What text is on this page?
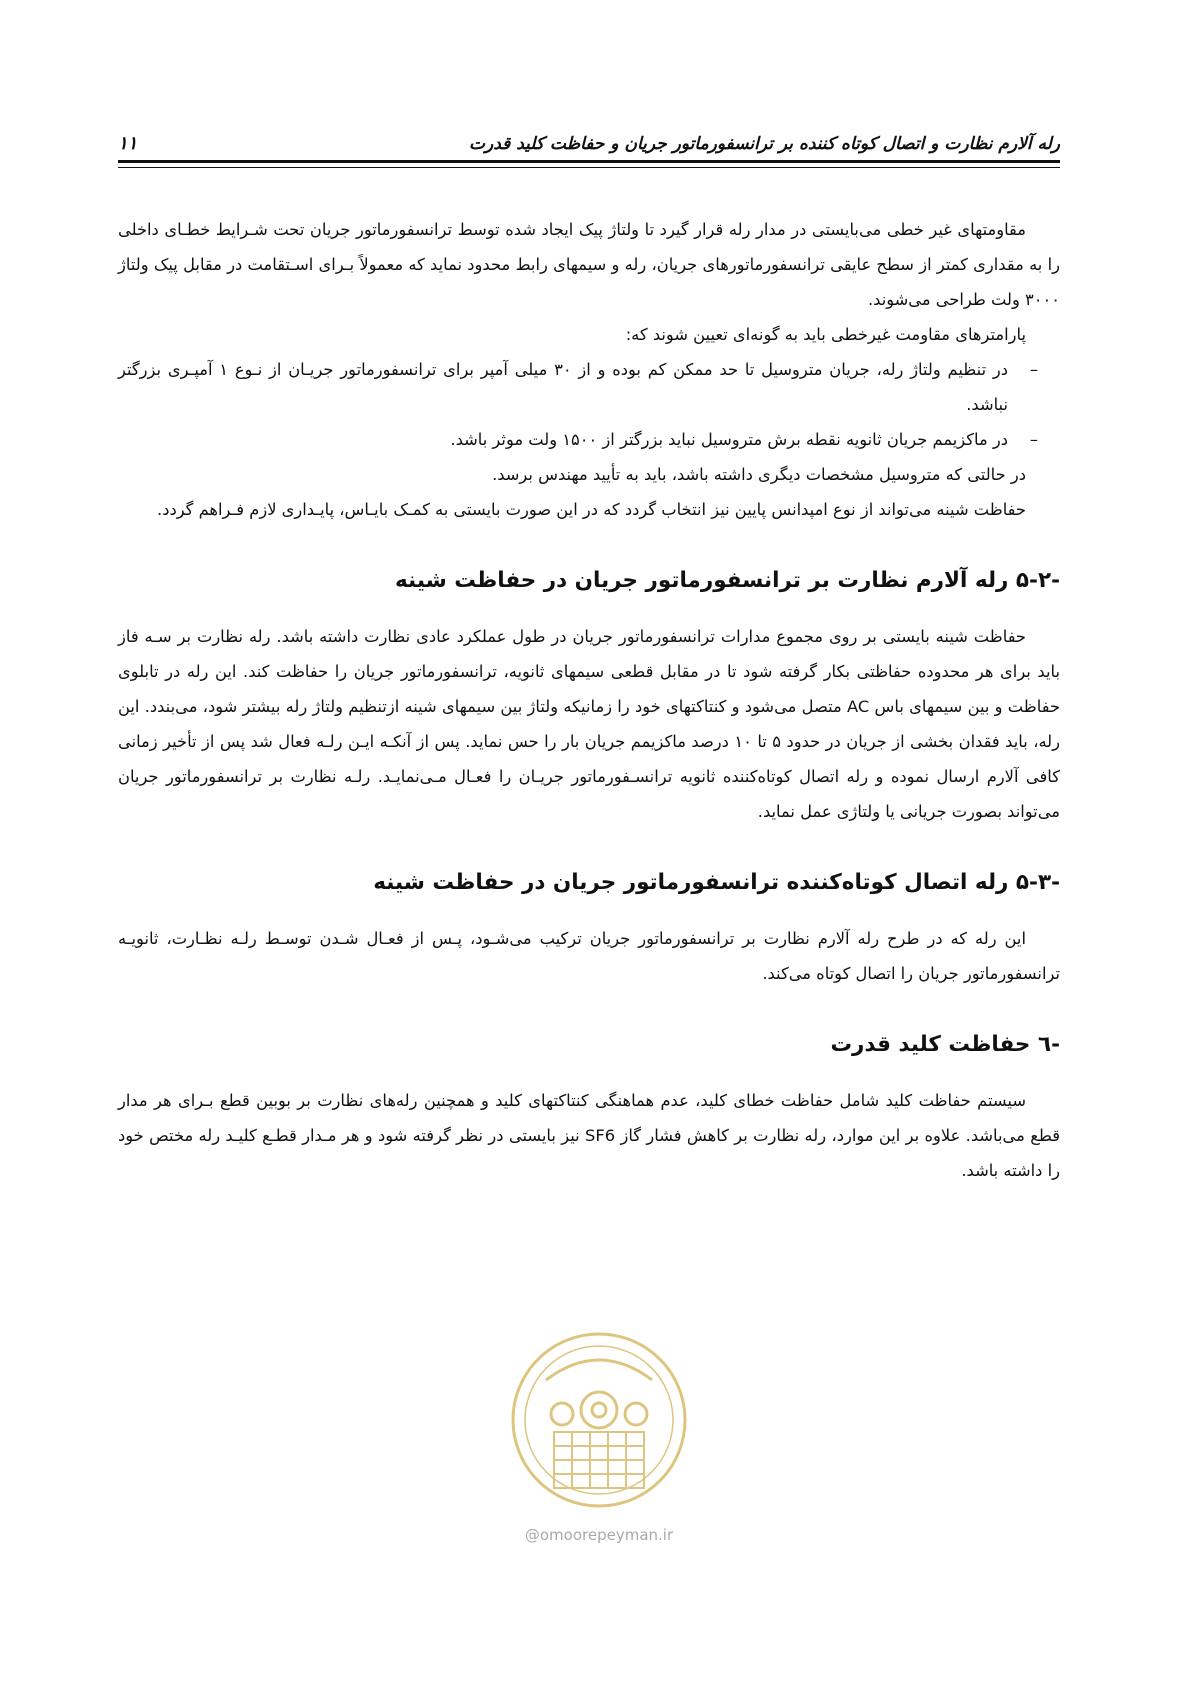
رله آلارم نظارت و اتصال کوتاه کننده بر ترانسفورماتور جریان و حفاظت کلید قدرت
۱۱

مقاومتهای غیر خطی می‌بایستی در مدار رله قرار گیرد تا ولتاژ پیک ایجاد شده توسط ترانسفورماتور جریان تحت شـرایط خطـای داخلی را به مقداری کمتر از سطح عایقی ترانسفورماتورهای جریان، رله و سیمهای رابط محدود نماید که معمولاً بـرای اسـتقامت در مقابل پیک ولتاژ ۳۰۰۰ ولت طراحی می‌شوند.

پارامترهای مقاومت غیرخطی باید به گونه‌ای تعیین شوند که:

–
در تنظیم ولتاژ رله، جریان متروسیل تا حد ممکن کم بوده و از ۳۰ میلی آمپر برای ترانسفورماتور جریـان از نـوع ۱ آمپـری بزرگتر نباشد.
–
در ماکزیمم جریان ثانویه نقطه برش متروسیل نباید بزرگتر از ۱۵۰۰ ولت موثر باشد.

در حالتی که متروسیل مشخصات دیگری داشته باشد، باید به تأیید مهندس برسد.

حفاظت شینه می‌تواند از نوع امپدانس پایین نیز انتخاب گردد که در این صورت بایستی به کمـک بایـاس، پایـداری لازم فـراهم گردد.

۵-۲- رله آلارم نظارت بر ترانسفورماتور جریان در حفاظت شینه

حفاظت شینه بایستی بر روی مجموع مدارات ترانسفورماتور جریان در طول عملکرد عادی نظارت داشته باشد. رله نظارت بر سـه فاز باید برای هر محدوده حفاظتی بکار گرفته شود تا در مقابل قطعی سیمهای ثانویه، ترانسفورماتور جریان را حفاظت کند. این رله در تابلوی حفاظت و بین سیمهای باس AC متصل می‌شود و کنتاکتهای خود را زمانیکه ولتاژ بین سیمهای شینه ازتنظیم ولتاژ رله بیشتر شود، می‌بندد. این رله، باید فقدان بخشی از جریان در حدود ۵ تا ۱۰ درصد ماکزیمم جریان بار را حس نماید. پس از آنکـه ایـن رلـه فعال شد پس از تأخیر زمانی کافی آلارم ارسال نموده و رله اتصال کوتاه‌کننده ثانویه ترانسـفورماتور جریـان را فعـال مـی‌نمایـد. رلـه نظارت بر ترانسفورماتور جریان می‌تواند بصورت جریانی یا ولتاژی عمل نماید.

۵-۳- رله اتصال کوتاه‌کننده ترانسفورماتور جریان در حفاظت شینه

این رله که در طرح رله آلارم نظارت بر ترانسفورماتور جریان ترکیب می‌شـود، پـس از فعـال شـدن توسـط رلـه نظـارت، ثانویـه ترانسفورماتور جریان را اتصال کوتاه می‌کند.

٦- حفاظت کلید قدرت

سیستم حفاظت کلید شامل حفاظت خطای کلید، عدم هماهنگی کنتاکتهای کلید و همچنین رله‌های نظارت بر بوبین قطع بـرای هر مدار قطع می‌باشد. علاوه بر این موارد، رله نظارت بر کاهش فشار گاز SF6 نیز بایستی در نظر گرفته شود و هر مـدار قطـع کلیـد رله مختص خود را داشته باشد.

@omoorepeyman.ir
